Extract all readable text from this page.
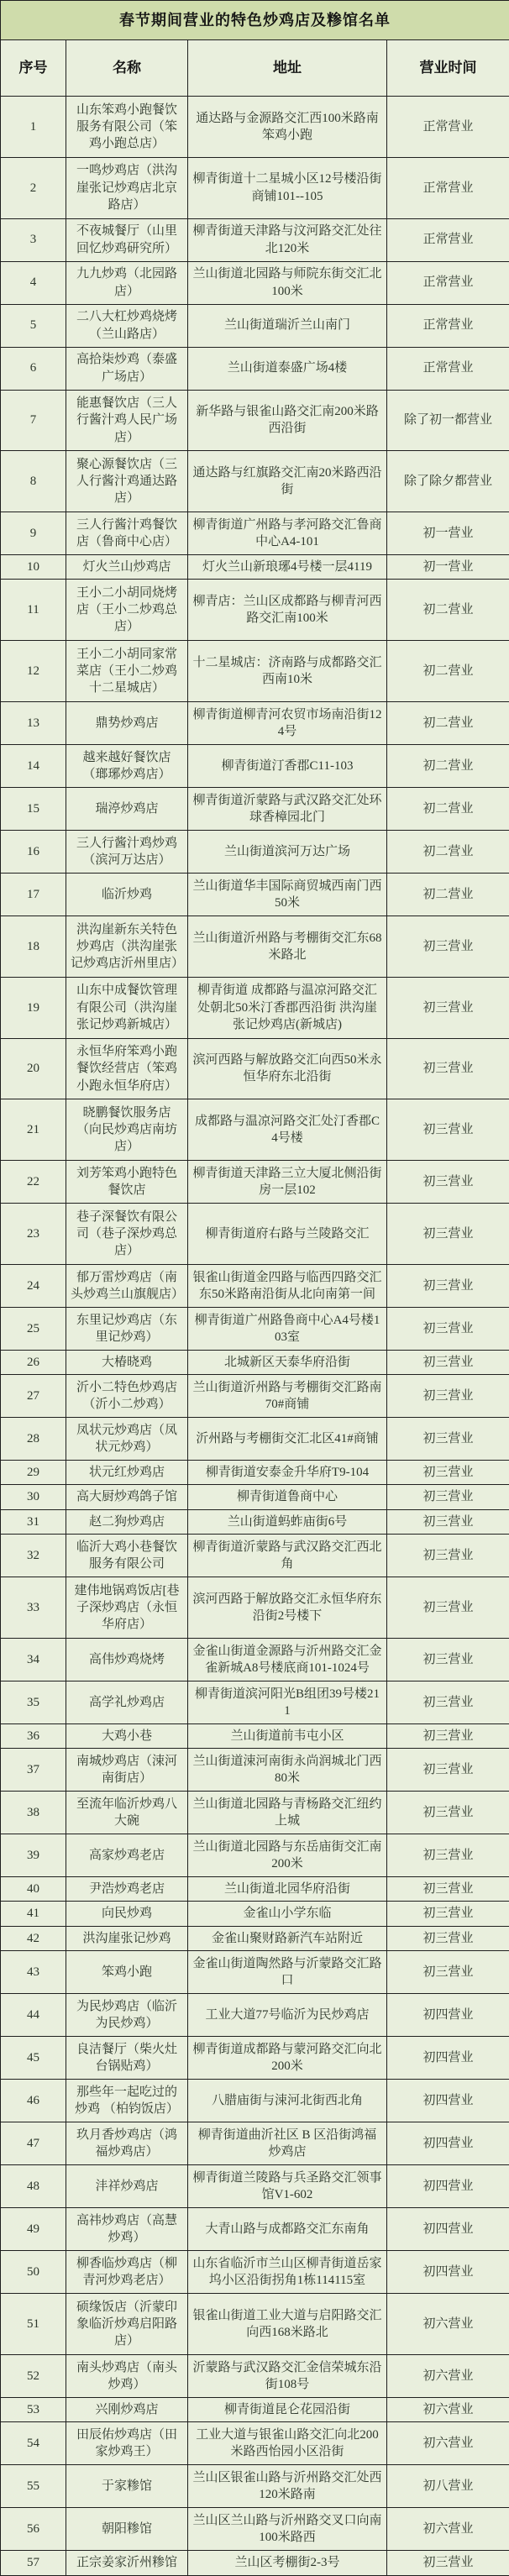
春节期间营业的特色炒鸡店及糁馆名单			
序号	名称	地址	营业时间
1	山东笨鸡小跑餐饮服务有限公司（笨鸡小跑总店）	通达路与金源路交汇西100米路南笨鸡小跑	正常营业
2	一鸣炒鸡店（洪沟崖张记炒鸡店北京路店）	柳青街道十二星城小区12号楼沿街商铺101--105	正常营业
3	不夜城餐厅（山里回忆炒鸡研究所）	柳青街道天津路与汶河路交汇处往北120米	正常营业
4	九九炒鸡（北园路店）	兰山街道北园路与师院东街交汇北100米	正常营业
5	二八大杠炒鸡烧烤（兰山路店）	兰山街道瑞沂兰山南门	正常营业
6	高拾柒炒鸡（泰盛广场店）	兰山街道泰盛广场4楼	正常营业
7	能惠餐饮店（三人行酱汁鸡人民广场店）	新华路与银雀山路交汇南200米路西沿街	除了初一都营业
8	聚心源餐饮店（三人行酱汁鸡通达路店）	通达路与红旗路交汇南20米路西沿街	除了除夕都营业
9	三人行酱汁鸡餐饮店（鲁商中心店）	柳青街道广州路与孝河路交汇鲁商中心A4-101	初一营业
10	灯火兰山炒鸡店	灯火兰山新琅琊4号楼一层4119	初一营业
11	王小二小胡同烧烤店（王小二炒鸡总店）	柳青店：兰山区成都路与柳青河西路交汇南100米	初二营业
12	王小二小胡同家常菜店（王小二炒鸡十二星城店）	十二星城店：济南路与成都路交汇西南10米	初二营业
13	鼎势炒鸡店	柳青街道柳青河农贸市场南沿街124号	初二营业
14	越来越好餐饮店（瑯琊炒鸡店）	柳青街道汀香郡C11-103	初二营业
15	瑞渟炒鸡店	柳青街道沂蒙路与武汉路交汇处环球香樟园北门	初二营业
16	三人行酱汁鸡炒鸡（滨河万达店）	兰山街道滨河万达广场	初二营业
17	临沂炒鸡	兰山街道华丰国际商贸城西南门西50米	初二营业
18	洪沟崖新东关特色炒鸡店（洪沟崖张记炒鸡店沂州里店）	兰山街道沂州路与考棚街交汇东68米路北	初三营业
19	山东中成餐饮管理有限公司（洪沟崖张记炒鸡新城店）	柳青街道 成都路与温凉河路交汇处朝北50米汀香郡西沿街 洪沟崖张记炒鸡店(新城店)	初三营业
20	永恒华府笨鸡小跑餐饮经营店（笨鸡小跑永恒华府店）	滨河西路与解放路交汇向西50米永恒华府东北沿街	初三营业
21	晓鹏餐饮服务店（向民炒鸡店南坊店）	成都路与温凉河路交汇处汀香郡C4号楼	初三营业
22	刘芳笨鸡小跑特色餐饮店	柳青街道天津路三立大厦北侧沿街房一层102	初三营业
23	巷子深餐饮有限公司（巷子深炒鸡总店）	柳青街道府右路与兰陵路交汇	初三营业
24	郁万雷炒鸡店（南头炒鸡兰山旗舰店）	银雀山街道金四路与临西四路交汇东50米路南沿街从北向南第一间	初三营业
25	东里记炒鸡店（东里记炒鸡）	柳青街道广州路鲁商中心A4号楼103室	初三营业
26	大椿晓鸡	北城新区天泰华府沿街	初三营业
27	沂小二特色炒鸡店（沂小二炒鸡）	兰山街道沂州路与考棚街交汇路南70#商铺	初三营业
28	凤状元炒鸡店（凤状元炒鸡）	沂州路与考棚街交汇北区41#商铺	初三营业
29	状元红炒鸡店	柳青街道安泰金升华府T9-104	初三营业
30	高大厨炒鸡鸽子馆	柳青街道鲁商中心	初三营业
31	赵二狗炒鸡店	兰山街道蚂蚱庙街6号	初三营业
32	临沂大鸡小巷餐饮服务有限公司	柳青街道沂蒙路与武汉路交汇西北角	初三营业
33	建伟地锅鸡饭店[巷子深炒鸡店（永恒华府店）	滨河西路于解放路交汇永恒华府东沿街2号楼下	初三营业
34	高伟炒鸡烧烤	金雀山街道金源路与沂州路交汇金雀新城A8号楼底商101-1024号	初三营业
35	高学礼炒鸡店	柳青街道滨河阳光B组团39号楼211	初三营业
36	大鸡小巷	兰山街道前韦屯小区	初三营业
37	南城炒鸡店（涑河南街店）	兰山街道涑河南街永尚润城北门西80米	初三营业
38	至流年临沂炒鸡八大碗	兰山街道北园路与青杨路交汇纽约上城	初三营业
39	高家炒鸡老店	兰山街道北园路与东岳庙街交汇南200米	初三营业
40	尹浩炒鸡老店	兰山街道北园华府沿街	初三营业
41	向民炒鸡	金雀山小学东临	初三营业
42	洪沟崖张记炒鸡	金雀山聚财路新汽车站附近	初三营业
43	笨鸡小跑	金雀山街道陶然路与沂蒙路交汇路口	初三营业
44	为民炒鸡店（临沂为民炒鸡）	工业大道77号临沂为民炒鸡店	初四营业
45	良洁餐厅（柴火灶台锅贴鸡）	柳青街道成都路与蒙河路交汇向北200米	初四营业
46	那些年一起吃过的炒鸡 （柏钧饭店）	八腊庙街与涑河北街西北角	初四营业
47	玖月香炒鸡店（鸿福炒鸡店）	柳青街道曲沂社区 B 区沿街鸿福炒鸡店	初四营业
48	沣祥炒鸡店	柳青街道兰陵路与兵圣路交汇领事馆V1-602	初四营业
49	高祎炒鸡店（高慧炒鸡）	大青山路与成都路交汇东南角	初四营业
50	柳香临炒鸡店（柳青河炒鸡老店）	山东省临沂市兰山区柳青街道岳家坞小区沿街拐角1栋114115室	初四营业
51	硕缘饭店（沂蒙印象临沂炒鸡启阳路店）	银雀山街道工业大道与启阳路交汇向西168米路北	初六营业
52	南头炒鸡店（南头炒鸡）	沂蒙路与武汉路交汇金信荣城东沿街108号	初六营业
53	兴刚炒鸡店	柳青街道昆仑花园沿街	初六营业
54	田辰佑炒鸡店（田家炒鸡王）	工业大道与银雀山路交汇向北200米路西怡园小区沿街	初六营业
55	于家糁馆	兰山区银雀山路与沂州路交汇处西120米路南	初八营业
56	朝阳糁馆	兰山区兰山路与沂州路交叉口向南100米路西	初六营业
57	正宗姜家沂州糁馆	兰山区考棚街2-3号	初三营业
